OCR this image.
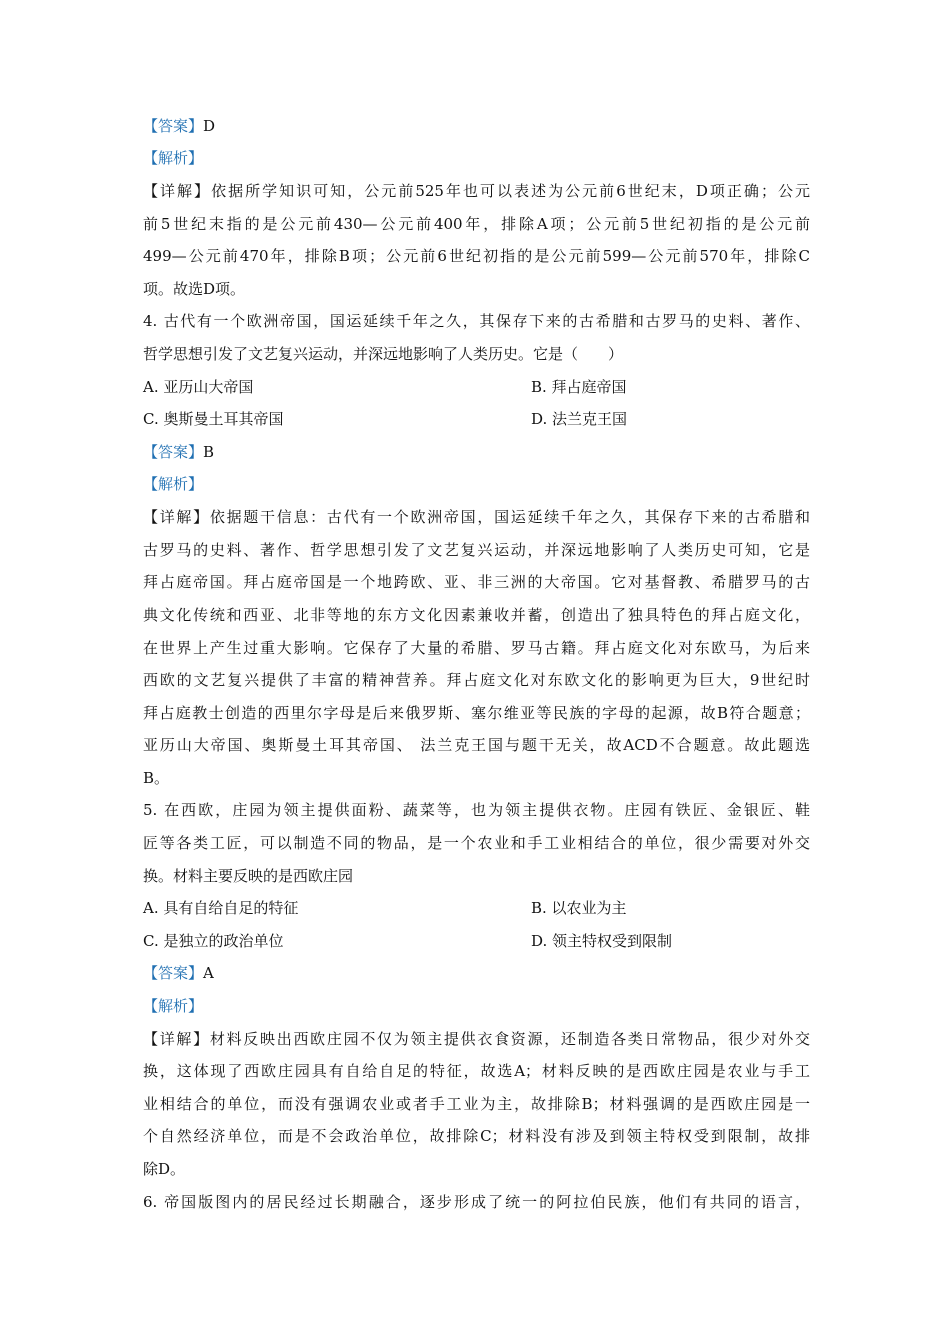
【答案】D
【解析】
【详解】依据所学知识可知，公元前525年也可以表述为公元前6世纪末，D项正确；公元
前5世纪末指的是公元前430—公元前400年，排除A项；公元前5世纪初指的是公元前
499—公元前470年，排除B项；公元前6世纪初指的是公元前599—公元前570年，排除C
项。故选D项。
4. 古代有一个欧洲帝国，国运延续千年之久，其保存下来的古希腊和古罗马的史料、著作、
哲学思想引发了文艺复兴运动，并深远地影响了人类历史。它是（　　）
A. 亚历山大帝国	B. 拜占庭帝国
C. 奥斯曼土耳其帝国	D. 法兰克王国
【答案】B
【解析】
【详解】依据题干信息：古代有一个欧洲帝国，国运延续千年之久，其保存下来的古希腊和
古罗马的史料、著作、哲学思想引发了文艺复兴运动，并深远地影响了人类历史可知，它是
拜占庭帝国。拜占庭帝国是一个地跨欧、亚、非三洲的大帝国。它对基督教、希腊罗马的古
典文化传统和西亚、北非等地的东方文化因素兼收并蓄，创造出了独具特色的拜占庭文化，
在世界上产生过重大影响。它保存了大量的希腊、罗马古籍。拜占庭文化对东欧马，为后来
西欧的文艺复兴提供了丰富的精神营养。拜占庭文化对东欧文化的影响更为巨大，9世纪时
拜占庭教士创造的西里尔字母是后来俄罗斯、塞尔维亚等民族的字母的起源，故B符合题意；
亚历山大帝国、奥斯曼土耳其帝国、 法兰克王国与题干无关，故ACD不合题意。故此题选
B。
5. 在西欧，庄园为领主提供面粉、蔬菜等，也为领主提供衣物。庄园有铁匠、金银匠、鞋
匠等各类工匠，可以制造不同的物品，是一个农业和手工业相结合的单位，很少需要对外交
换。材料主要反映的是西欧庄园
A. 具有自给自足的特征	B. 以农业为主
C. 是独立的政治单位	D. 领主特权受到限制
【答案】A
【解析】
【详解】材料反映出西欧庄园不仅为领主提供衣食资源，还制造各类日常物品，很少对外交
换，这体现了西欧庄园具有自给自足的特征，故选A；材料反映的是西欧庄园是农业与手工
业相结合的单位，而没有强调农业或者手工业为主，故排除B；材料强调的是西欧庄园是一
个自然经济单位，而是不会政治单位，故排除C；材料没有涉及到领主特权受到限制，故排
除D。
6. 帝国版图内的居民经过长期融合，逐步形成了统一的阿拉伯民族，他们有共同的语言，
